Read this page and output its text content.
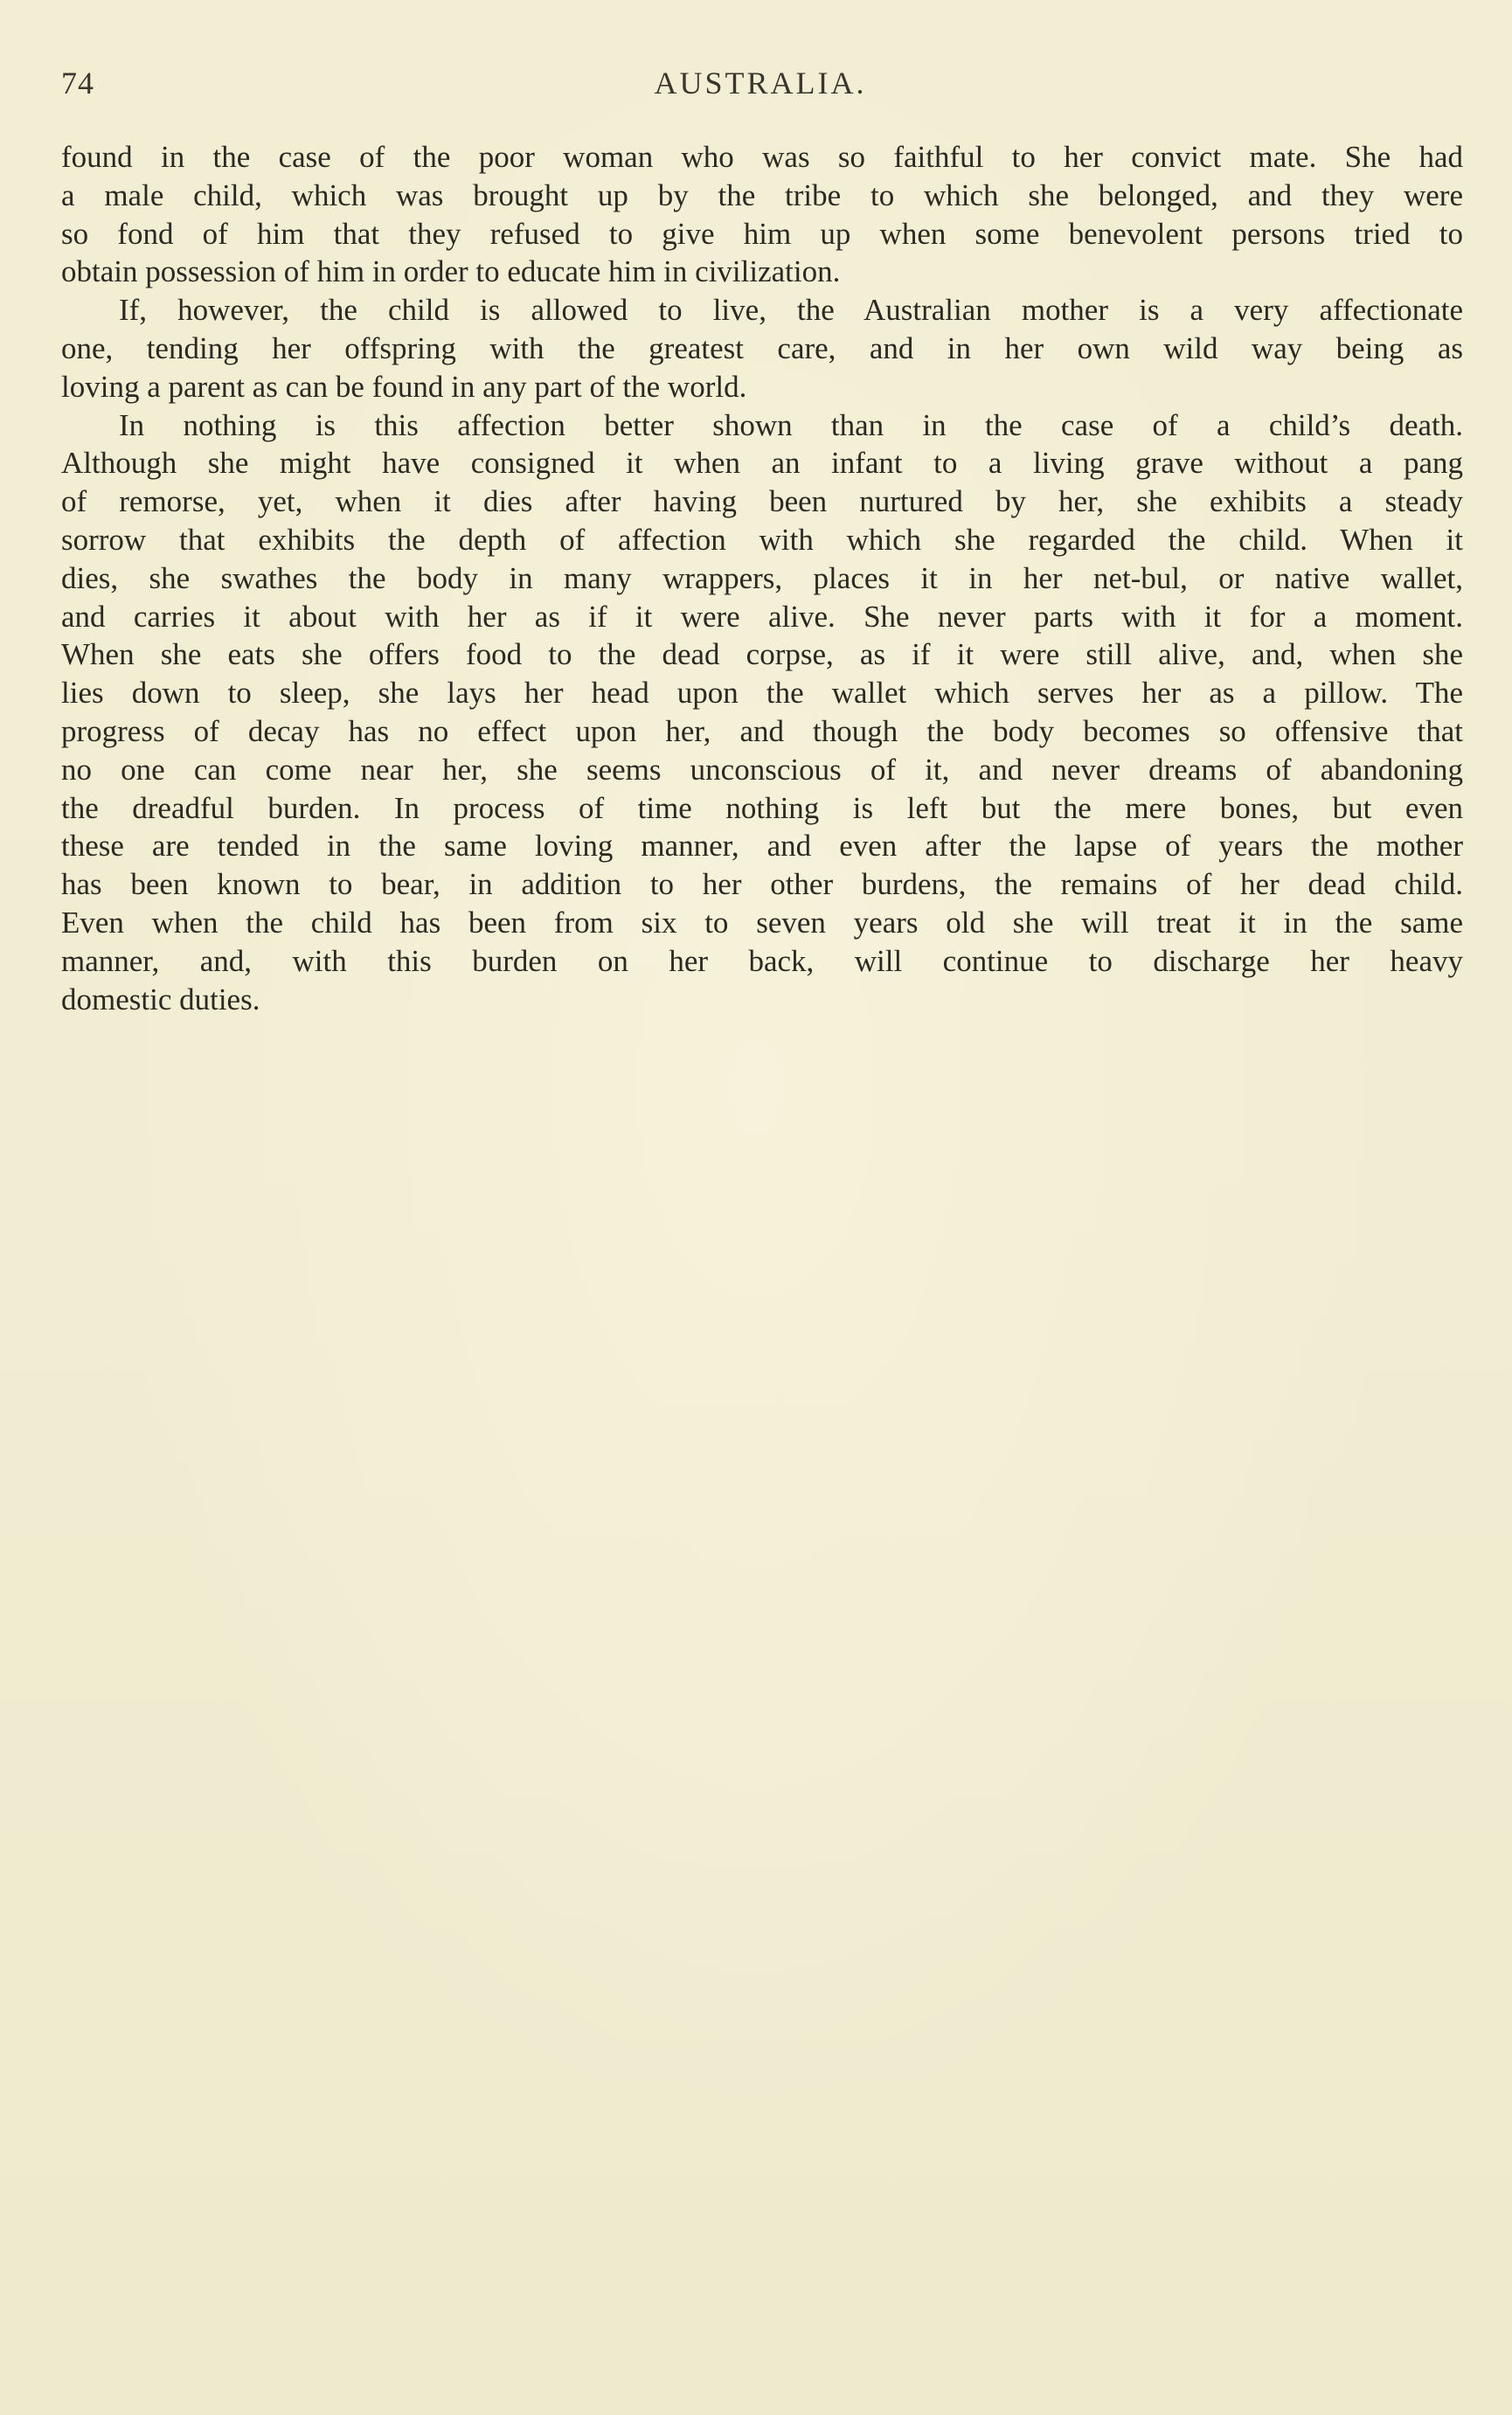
74	AUSTRALIA.
found in the case of the poor woman who was so faithful to her convict mate. She had
a male child, which was brought up by the tribe to which she belonged, and they were
so fond of him that they refused to give him up when some benevolent persons tried to
obtain possession of him in order to educate him in civilization.
If, however, the child is allowed to live, the Australian mother is a very affectionate
one, tending her offspring with the greatest care, and in her own wild way being as
loving a parent as can be found in any part of the world.
In nothing is this affection better shown than in the case of a child’s death.
Although she might have consigned it when an infant to a living grave without a pang
of remorse, yet, when it dies after having been nurtured by her, she exhibits a steady
sorrow that exhibits the depth of affection with which she regarded the child. When it
dies, she swathes the body in many wrappers, places it in her net-bul, or native wallet,
and carries it about with her as if it were alive. She never parts with it for a moment.
When she eats she offers food to the dead corpse, as if it were still alive, and, when she
lies down to sleep, she lays her head upon the wallet which serves her as a pillow. The
progress of decay has no effect upon her, and though the body becomes so offensive that
no one can come near her, she seems unconscious of it, and never dreams of abandoning
the dreadful burden. In process of time nothing is left but the mere bones, but even
these are tended in the same loving manner, and even after the lapse of years the mother
has been known to bear, in addition to her other burdens, the remains of her dead child.
Even when the child has been from six to seven years old she will treat it in the same
manner, and, with this burden on her back, will continue to discharge her heavy
domestic duties.
